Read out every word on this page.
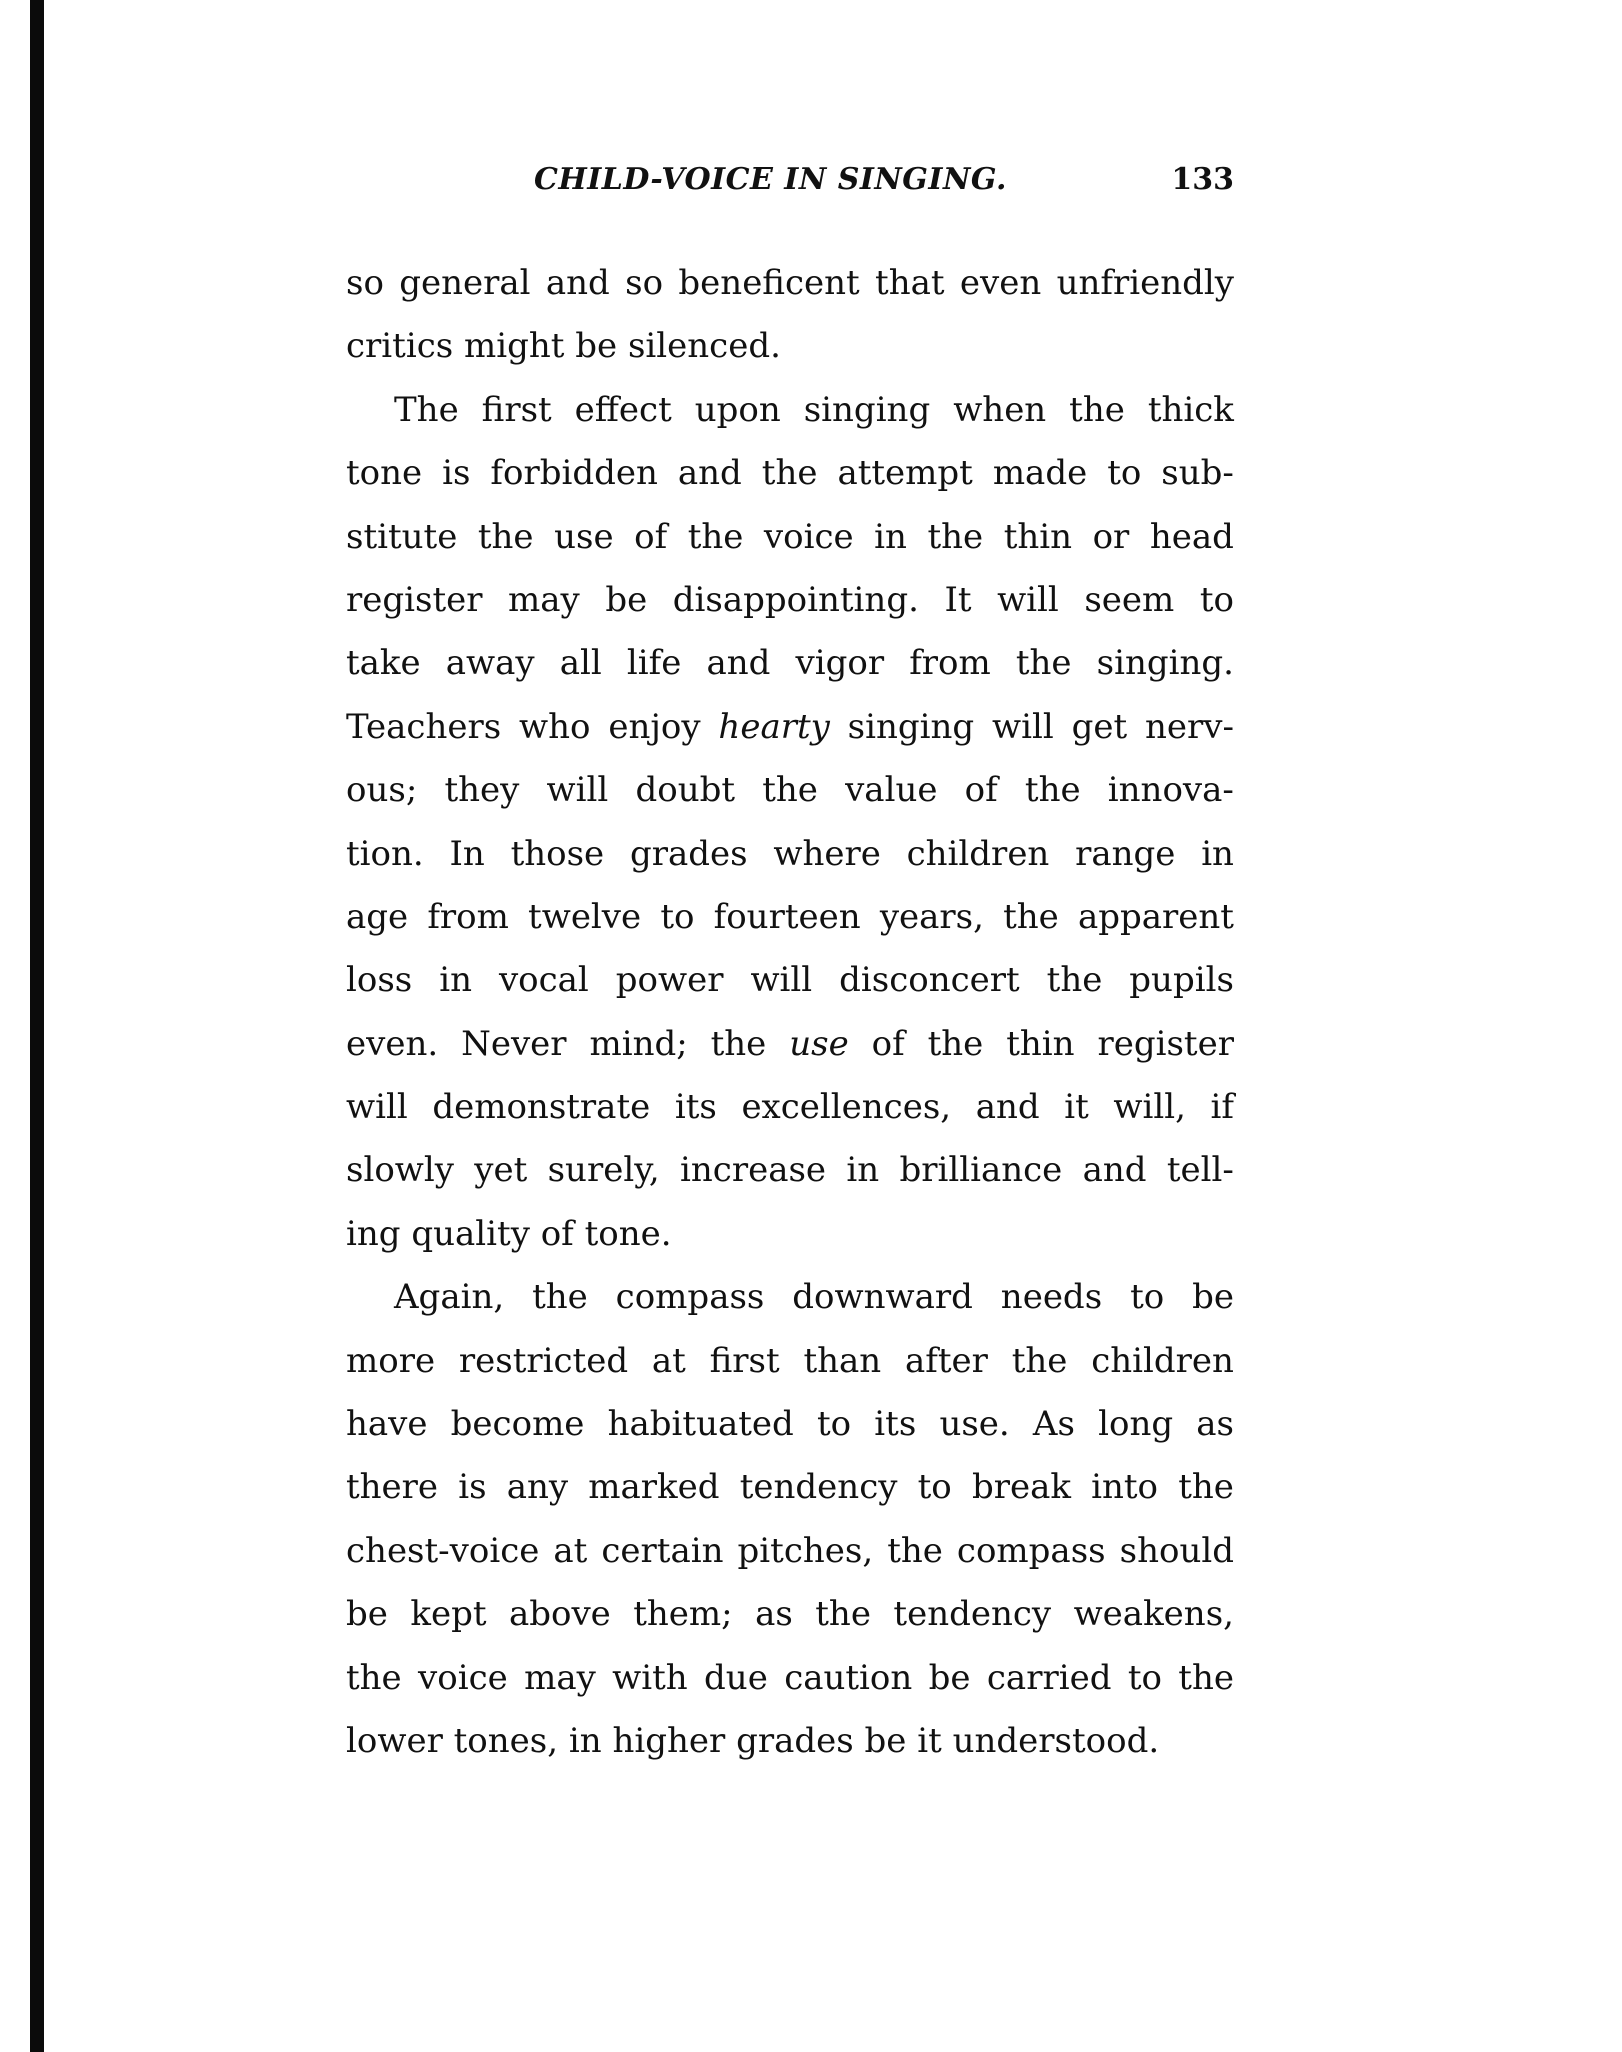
CHILD-VOICE IN SINGING.	133
so general and so beneficent that even unfriendly
critics might be silenced.
The first effect upon singing when the thick
tone is forbidden and the attempt made to sub-
stitute the use of the voice in the thin or head
register may be disappointing. It will seem to
take away all life and vigor from the singing.
Teachers who enjoy hearty singing will get nerv-
ous; they will doubt the value of the innova-
tion. In those grades where children range in
age from twelve to fourteen years, the apparent
loss in vocal power will disconcert the pupils
even. Never mind; the use of the thin register
will demonstrate its excellences, and it will, if
slowly yet surely, increase in brilliance and tell-
ing quality of tone.
Again, the compass downward needs to be
more restricted at first than after the children
have become habituated to its use. As long as
there is any marked tendency to break into the
chest-voice at certain pitches, the compass should
be kept above them; as the tendency weakens,
the voice may with due caution be carried to the
lower tones, in higher grades be it understood.
